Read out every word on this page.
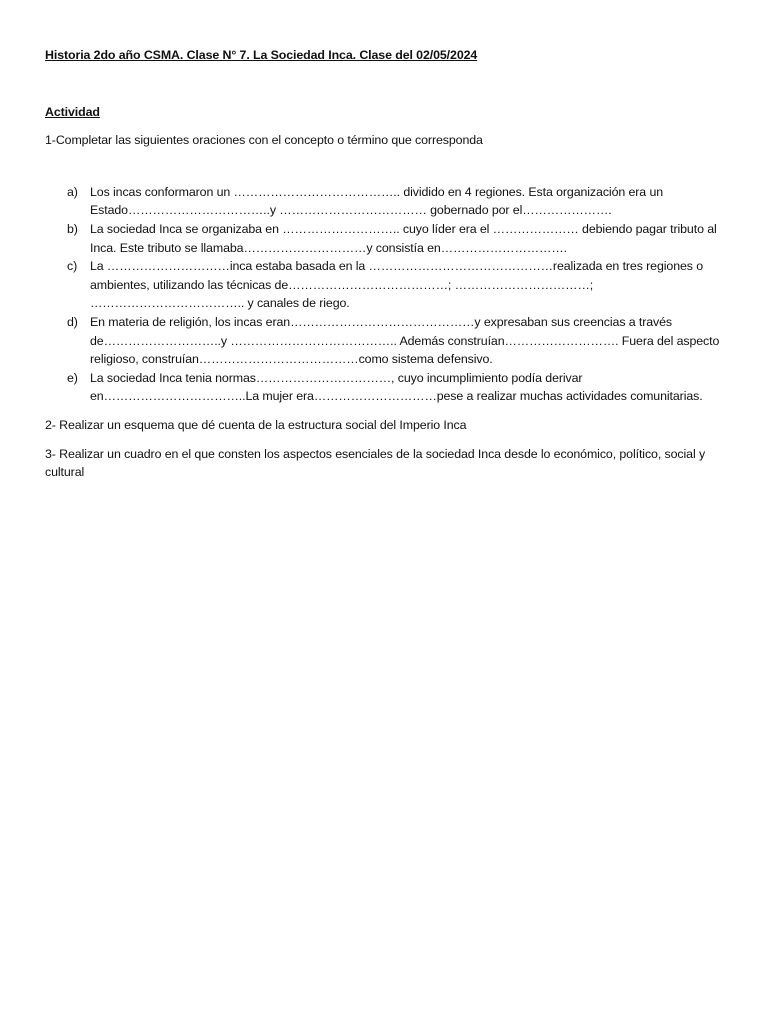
Historia 2do año CSMA. Clase N° 7. La Sociedad Inca. Clase del 02/05/2024

Actividad

1-Completar las siguientes oraciones con el concepto o término que corresponda

a) Los incas conformaron un ………………………………….. dividido en 4 regiones. Esta organización era un Estado……………………………..y ……………………………… gobernado por el………………….
b) La sociedad Inca se organizaba en ……………………….. cuyo líder era el ………………… debiendo pagar tributo al Inca. Este tributo se llamaba…………………………y consistía en………………………….
c) La …………………………inca estaba basada en la ………………………………………realizada en tres regiones o ambientes, utilizando las técnicas de…………………………………; ……………………………; ……………………………….. y canales de riego.
d) En materia de religión, los incas eran………………………………………y expresaban sus creencias a través de………………………..y ………………………………….. Además construían………………………. Fuera del aspecto religioso, construían…………………………………como sistema defensivo.
e) La sociedad Inca tenia normas……………………………, cuyo incumplimiento podía derivar en……………………………..La mujer era…………………………pese a realizar muchas actividades comunitarias.

2- Realizar un esquema que dé cuenta de la estructura social del Imperio Inca

3- Realizar un cuadro en el que consten los aspectos esenciales de la sociedad Inca desde lo económico, político, social y cultural
